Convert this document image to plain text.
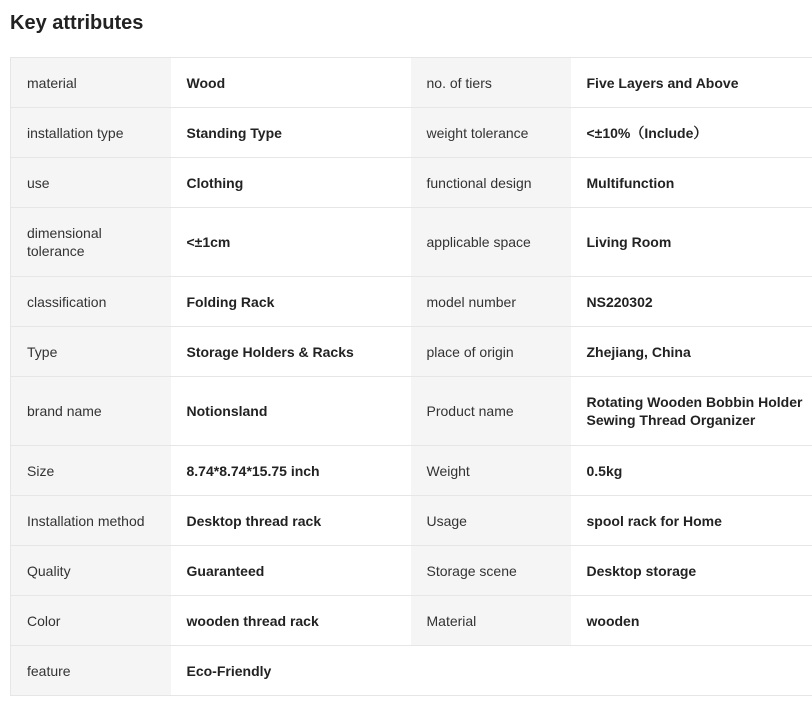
Key attributes
material	Wood	no. of tiers	Five Layers and Above
installation type	Standing Type	weight tolerance	<±10%（Include）
use	Clothing	functional design	Multifunction
dimensional tolerance	<±1cm	applicable space	Living Room
classification	Folding Rack	model number	NS220302
Type	Storage Holders & Racks	place of origin	Zhejiang, China
brand name	Notionsland	Product name	Rotating Wooden Bobbin Holder Sewing Thread Organizer
Size	8.74*8.74*15.75 inch	Weight	0.5kg
Installation method	Desktop thread rack	Usage	spool rack for Home
Quality	Guaranteed	Storage scene	Desktop storage
Color	wooden thread rack	Material	wooden
feature	Eco-Friendly		
